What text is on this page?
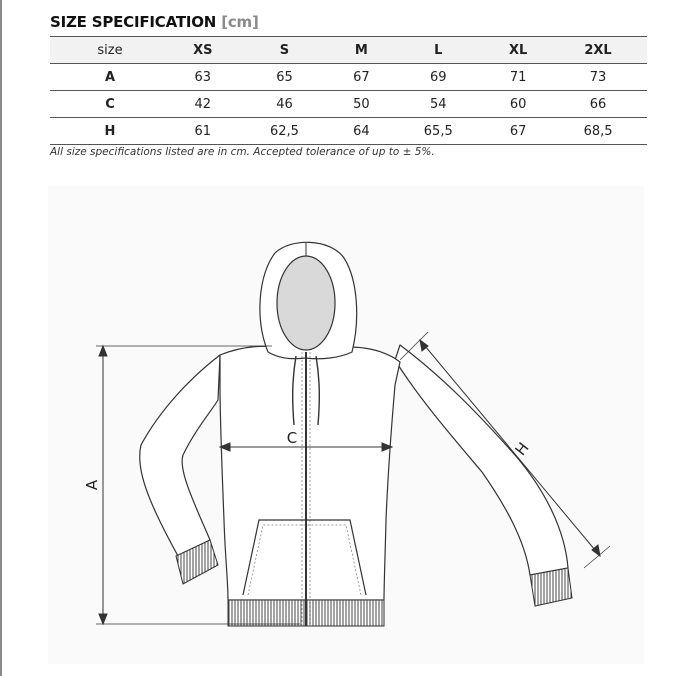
SIZE SPECIFICATION [cm]
size	XS	S	M	L	XL	2XL
A	63	65	67	69	71	73
C	42	46	50	54	60	66
H	61	62,5	64	65,5	67	68,5
All size specifications listed are in cm. Accepted tolerance of up to ± 5%.
A
C
H
